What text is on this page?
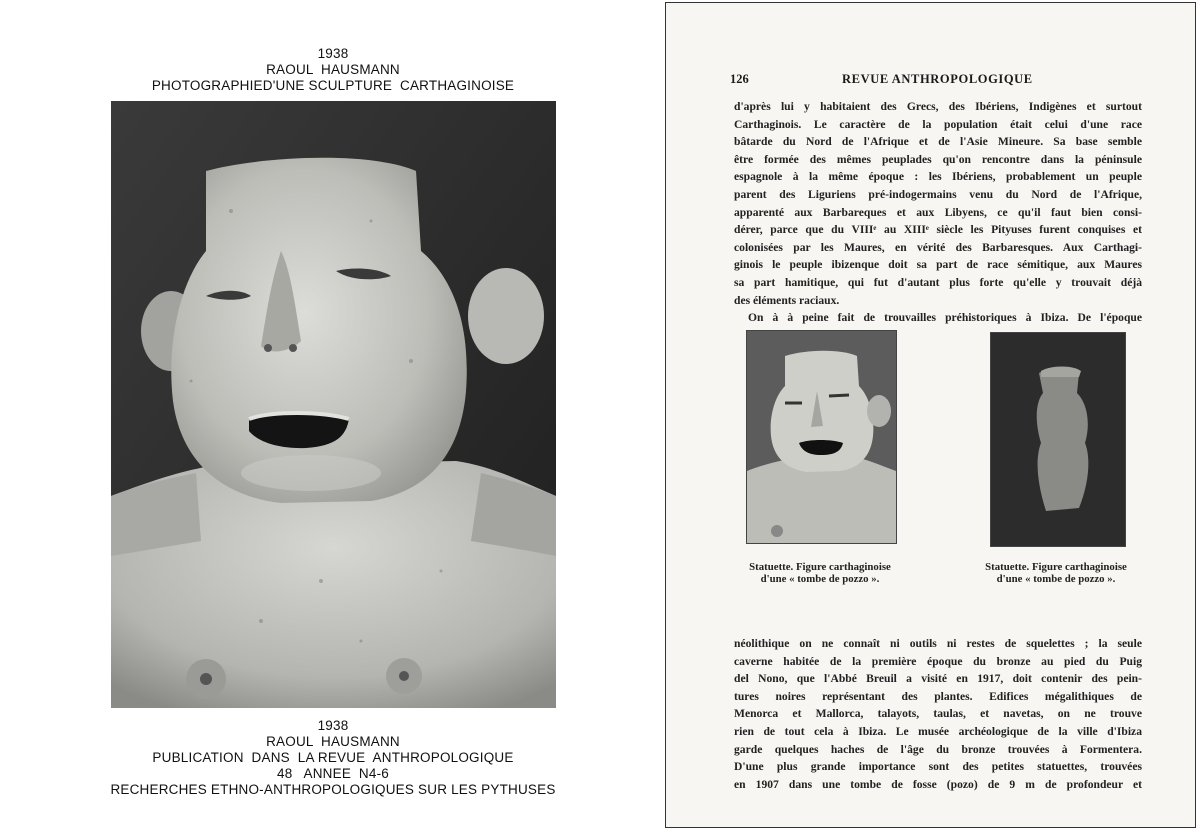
1938
RAOUL  HAUSMANN
PHOTOGRAPHIED'UNE SCULPTURE  CARTHAGINOISE
1938
RAOUL  HAUSMANN
PUBLICATION  DANS  LA REVUE  ANTHROPOLOGIQUE
48   ANNEE  N4-6
RECHERCHES ETHNO-ANTHROPOLOGIQUES SUR LES PYTHUSES
126	REVUE ANTHROPOLOGIQUE
d'après lui y habitaient des Grecs, des Ibériens, Indigènes et surtout
Carthaginois. Le caractère de la population était celui d'une race
bâtarde du Nord de l'Afrique et de l'Asie Mineure. Sa base semble
être formée des mêmes peuplades qu'on rencontre dans la péninsule
espagnole à la même époque : les Ibériens, probablement un peuple
parent des Liguriens pré-indogermains venu du Nord de l'Afrique,
apparenté aux Barbareques et aux Libyens, ce qu'il faut bien consi-
dérer, parce que du VIIIᵉ au XIIIᵉ siècle les Pityuses furent conquises et
colonisées par les Maures, en vérité des Barbaresques. Aux Carthagi-
ginois le peuple ibizenque doit sa part de race sémitique, aux Maures
sa part hamitique, qui fut d'autant plus forte qu'elle y trouvait déjà
des éléments raciaux.
On à à peine fait de trouvailles préhistoriques à Ibiza. De l'époque
Statuette. Figure carthaginoise
d'une « tombe de pozzo ».
Statuette. Figure carthaginoise
d'une « tombe de pozzo ».
néolithique on ne connaît ni outils ni restes de squelettes ; la seule
caverne habitée de la première époque du bronze au pied du Puig
del Nono, que l'Abbé Breuil a visité en 1917, doit contenir des pein-
tures noires représentant des plantes. Edifices mégalithiques de
Menorca et Mallorca, talayots, taulas, et navetas, on ne trouve
rien de tout cela à Ibiza. Le musée archéologique de la ville d'Ibiza
garde quelques haches de l'âge du bronze trouvées à Formentera.
D'une plus grande importance sont des petites statuettes, trouvées
en 1907 dans une tombe de fosse (pozo) de 9 m de profondeur et
